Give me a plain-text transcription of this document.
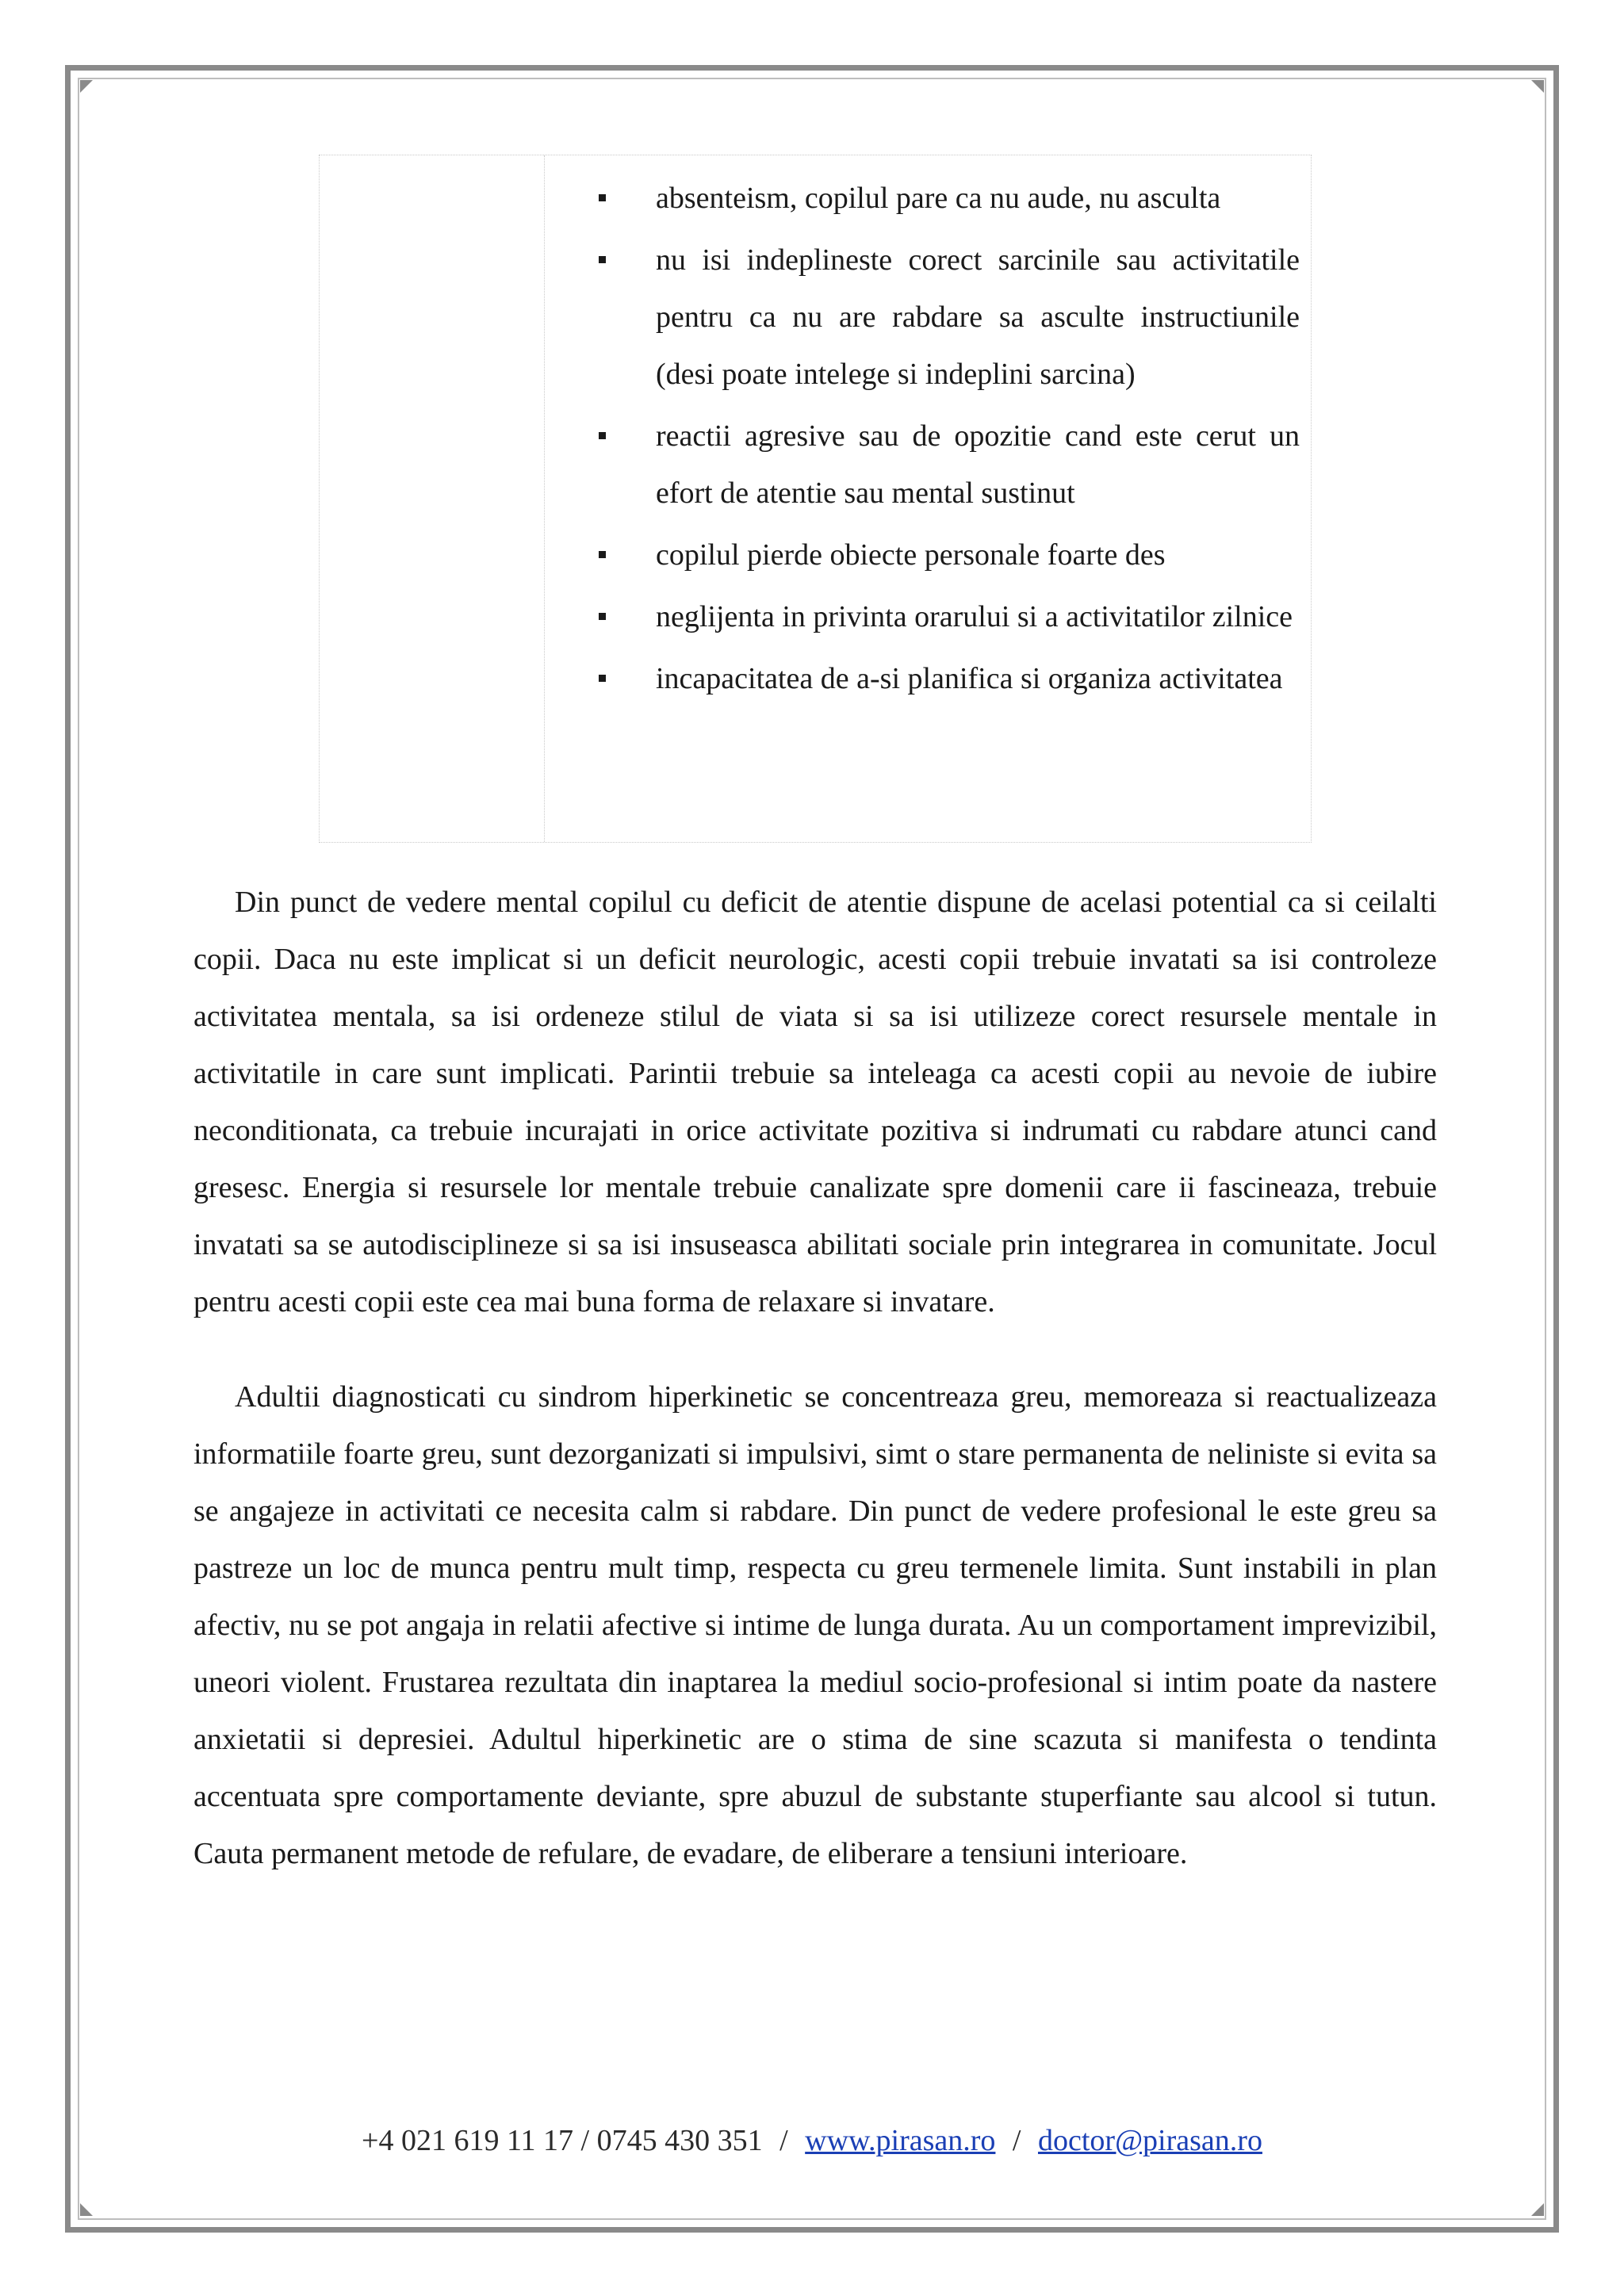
absenteism, copilul pare ca nu aude, nu asculta
nu isi indeplineste corect sarcinile sau activitatile pentru ca nu are rabdare sa asculte instructiunile (desi poate intelege si indeplini sarcina)
reactii agresive sau de opozitie cand este cerut un efort de atentie sau mental sustinut
copilul pierde obiecte personale foarte des
neglijenta in privinta orarului si a activitatilor zilnice
incapacitatea de a-si planifica si organiza activitatea

Din punct de vedere mental copilul cu deficit de atentie dispune de acelasi potential ca si ceilalti copii. Daca nu este implicat si un deficit neurologic, acesti copii trebuie invatati sa isi controleze activitatea mentala, sa isi ordeneze stilul de viata si sa isi utilizeze corect resursele mentale in activitatile in care sunt implicati. Parintii trebuie sa inteleaga ca acesti copii au nevoie de iubire neconditionata, ca trebuie incurajati in orice activitate pozitiva si indrumati cu rabdare atunci cand gresesc. Energia si resursele lor mentale trebuie canalizate spre domenii care ii fascineaza, trebuie invatati sa se autodisciplineze si sa isi insuseasca abilitati sociale prin integrarea in comunitate. Jocul pentru acesti copii este cea mai buna forma de relaxare si invatare.

Adultii diagnosticati cu sindrom hiperkinetic se concentreaza greu, memoreaza si reactualizeaza informatiile foarte greu, sunt dezorganizati si impulsivi, simt o stare permanenta de neliniste si evita sa se angajeze in activitati ce necesita calm si rabdare. Din punct de vedere profesional le este greu sa pastreze un loc de munca pentru mult timp, respecta cu greu termenele limita. Sunt instabili in plan afectiv, nu se pot angaja in relatii afective si intime de lunga durata. Au un comportament imprevizibil, uneori violent. Frustarea rezultata din inaptarea la mediul socio-profesional si intim poate da nastere anxietatii si depresiei. Adultul hiperkinetic are o stima de sine scazuta si manifesta o tendinta accentuata spre comportamente deviante, spre abuzul de substante stuperfiante sau alcool si tutun. Cauta permanent metode de refulare, de evadare, de eliberare a tensiuni interioare.

+4 021 619 11 17 / 0745 430 351 / www.pirasan.ro / doctor@pirasan.ro
